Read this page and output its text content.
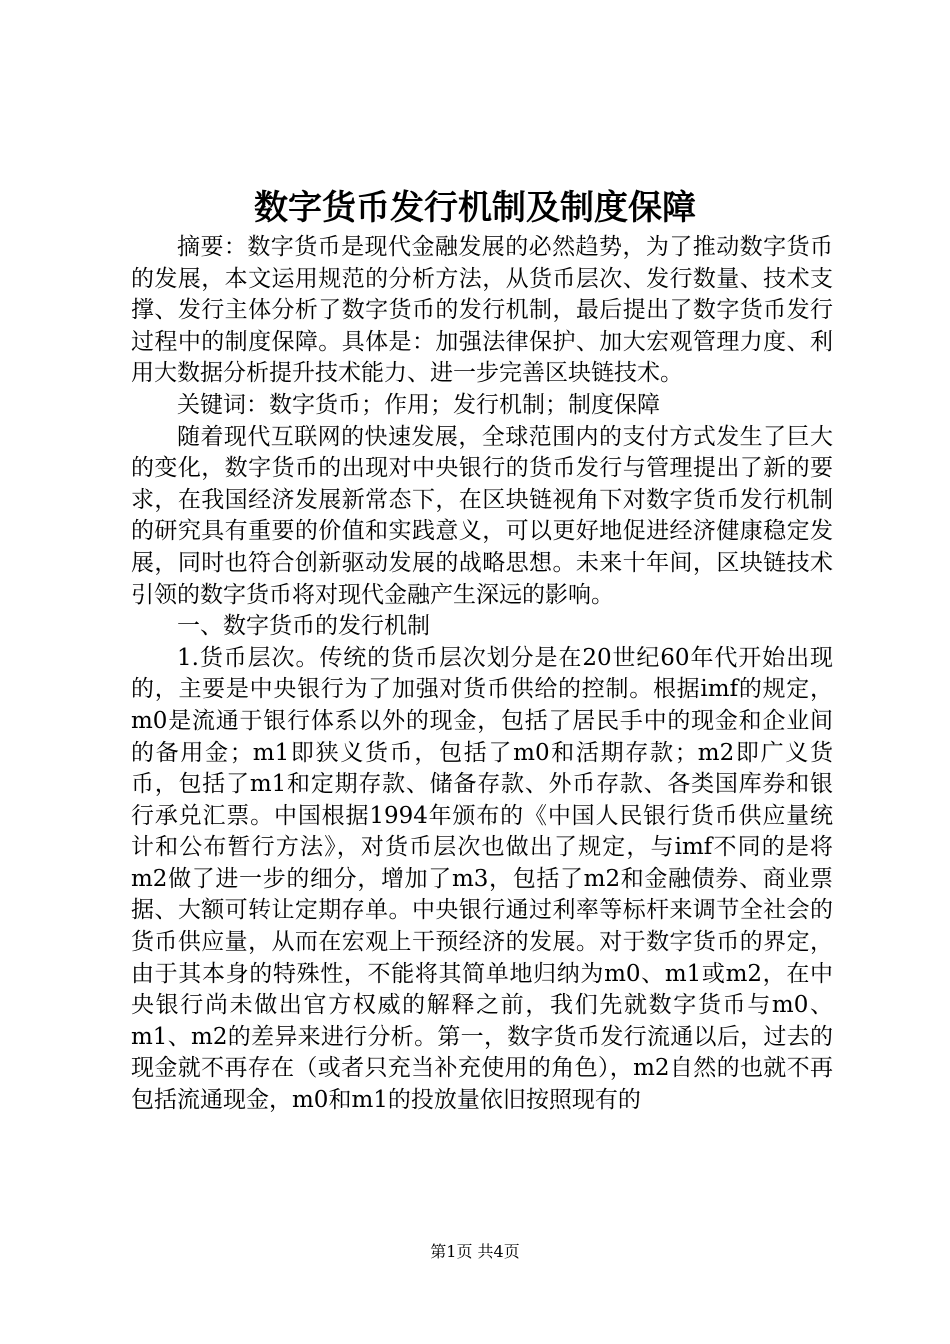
数字货币发行机制及制度保障

摘要：数字货币是现代金融发展的必然趋势，为了推动数字货币的发展，本文运用规范的分析方法，从货币层次、发行数量、技术支撑、发行主体分析了数字货币的发行机制，最后提出了数字货币发行过程中的制度保障。具体是：加强法律保护、加大宏观管理力度、利用大数据分析提升技术能力、进一步完善区块链技术。

关键词：数字货币；作用；发行机制；制度保障

随着现代互联网的快速发展，全球范围内的支付方式发生了巨大的变化，数字货币的出现对中央银行的货币发行与管理提出了新的要求，在我国经济发展新常态下，在区块链视角下对数字货币发行机制的研究具有重要的价值和实践意义，可以更好地促进经济健康稳定发展，同时也符合创新驱动发展的战略思想。未来十年间，区块链技术引领的数字货币将对现代金融产生深远的影响。

一、数字货币的发行机制

1.货币层次。传统的货币层次划分是在20世纪60年代开始出现的，主要是中央银行为了加强对货币供给的控制。根据imf的规定，m0是流通于银行体系以外的现金，包括了居民手中的现金和企业间的备用金；m1即狭义货币，包括了m0和活期存款；m2即广义货币，包括了m1和定期存款、储备存款、外币存款、各类国库券和银行承兑汇票。中国根据1994年颁布的《中国人民银行货币供应量统计和公布暂行方法》，对货币层次也做出了规定，与imf不同的是将m2做了进一步的细分，增加了m3，包括了m2和金融债券、商业票据、大额可转让定期存单。中央银行通过利率等标杆来调节全社会的货币供应量，从而在宏观上干预经济的发展。对于数字货币的界定，由于其本身的特殊性，不能将其简单地归纳为m0、m1或m2，在中央银行尚未做出官方权威的解释之前，我们先就数字货币与m0、m1、m2的差异来进行分析。第一，数字货币发行流通以后，过去的现金就不再存在（或者只充当补充使用的角色），m2自然的也就不再包括流通现金，m0和m1的投放量依旧按照现有的

第1页 共4页
